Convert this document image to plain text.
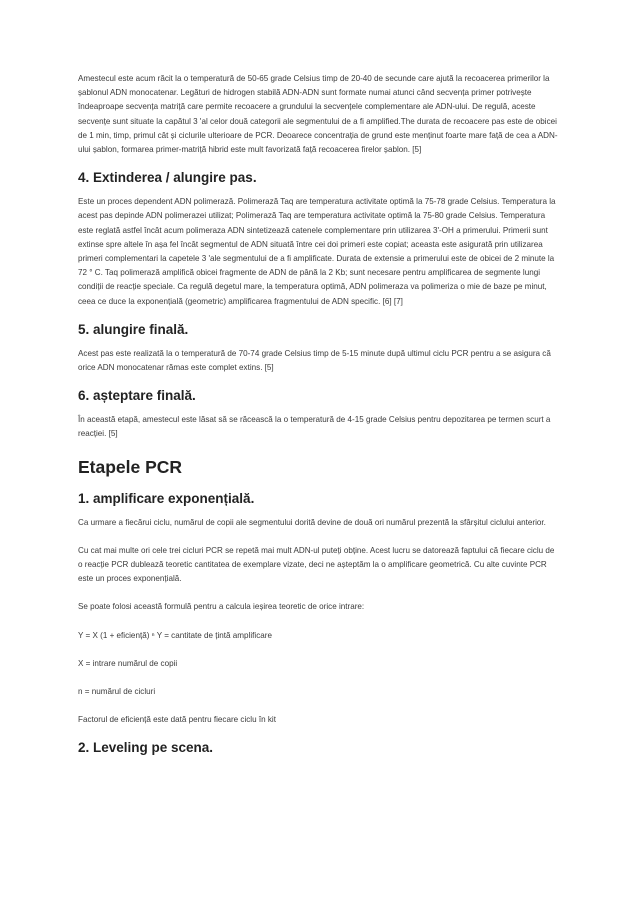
Amestecul este acum răcit la o temperatură de 50-65 grade Celsius timp de 20-40 de secunde care ajută la recoacerea primerilor la șablonul ADN monocatenar. Legături de hidrogen stabilă ADN-ADN sunt formate numai atunci când secvența primer potrivește îndeaproape secvența matriță care permite recoacere a grundului la secvențele complementare ale ADN-ului. De regulă, aceste secvențe sunt situate la capătul 3 'al celor două categorii ale segmentului de a fi amplified.The durata de recoacere pas este de obicei de 1 min, timp, primul cât și ciclurile ulterioare de PCR. Deoarece concentrația de grund este menținut foarte mare față de cea a ADN-ului șablon, formarea primer-matriță hibrid este mult favorizată față recoacerea firelor șablon. [5]

4. Extinderea / alungire pas.

Este un proces dependent ADN polimerază. Polimerază Taq are temperatura activitate optimă la 75-78 grade Celsius. Temperatura la acest pas depinde ADN polimerazei utilizat; Polimerază Taq are temperatura activitate optimă la 75-80 grade Celsius. Temperatura este reglată astfel încât acum polimeraza ADN sintetizează catenele complementare prin utilizarea 3'-OH a primerului. Primerii sunt extinse spre altele în așa fel încât segmentul de ADN situată între cei doi primeri este copiat; aceasta este asigurată prin utilizarea primeri complementari la capetele 3 'ale segmentului de a fi amplificate. Durata de extensie a primerului este de obicei de 2 minute la 72 ° C. Taq polimerază amplifică obicei fragmente de ADN de până la 2 Kb; sunt necesare pentru amplificarea de segmente lungi condiții de reacție speciale. Ca regulă degetul mare, la temperatura optimă, ADN polimeraza va polimeriza o mie de baze pe minut, ceea ce duce la exponențială (geometric) amplificarea fragmentului de ADN specific. [6] [7]

5. alungire finală.

Acest pas este realizată la o temperatură de 70-74 grade Celsius timp de 5-15 minute după ultimul ciclu PCR pentru a se asigura că orice ADN monocatenar rămas este complet extins. [5]

6. așteptare finală.

În această etapă, amestecul este lăsat să se răcească la o temperatură de 4-15 grade Celsius pentru depozitarea pe termen scurt a reacției. [5]

Etapele PCR
1. amplificare exponențială.

Ca urmare a fiecărui ciclu, numărul de copii ale segmentului dorită devine de două ori numărul prezentă la sfârșitul ciclului anterior.

Cu cat mai multe ori cele trei cicluri PCR se repetă mai mult ADN-ul puteți obține. Acest lucru se datorează faptului că fiecare ciclu de o reacție PCR dublează teoretic cantitatea de exemplare vizate, deci ne așteptăm la o amplificare geometrică. Cu alte cuvinte PCR este un proces exponențială.

Se poate folosi această formulă pentru a calcula ieșirea teoretic de orice intrare:

Y = X (1 + eficiență) ⁿ Y = cantitate de țintă amplificare

X = intrare numărul de copii

n = numărul de cicluri

Factorul de eficiență este dată pentru fiecare ciclu în kit

2. Leveling pe scena.
